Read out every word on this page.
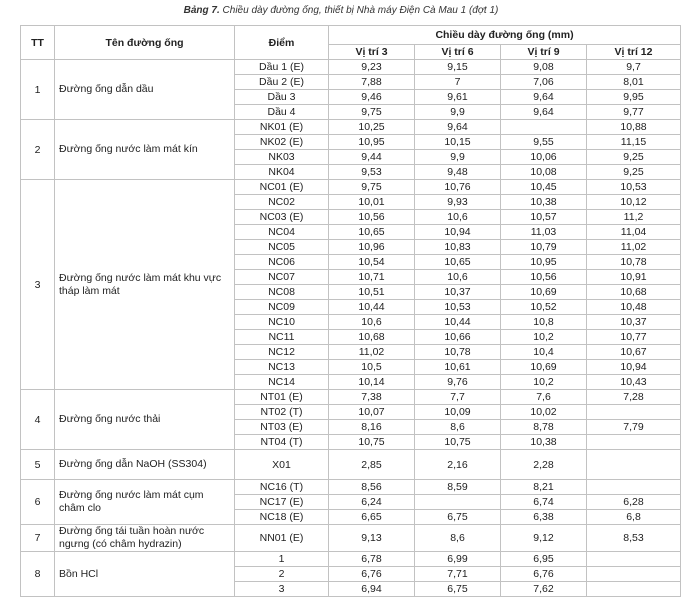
Bảng 7. Chiều dày đường ống, thiết bị Nhà máy Điện Cà Mau 1 (đợt 1)
TT	Tên đường ống	Điểm	Chiều dày đường ống (mm)			
			Vị trí 3	Vị trí 6	Vị trí 9	Vị trí 12
1	Đường ống dẫn dầu	Dầu 1 (E)	9,23	9,15	9,08	9,7
		Dầu 2 (E)	7,88	7	7,06	8,01
		Dầu 3	9,46	9,61	9,64	9,95
		Dầu 4	9,75	9,9	9,64	9,77
2	Đường ống nước làm mát kín	NK01 (E)	10,25	9,64		10,88
		NK02 (E)	10,95	10,15	9,55	11,15
		NK03	9,44	9,9	10,06	9,25
		NK04	9,53	9,48	10,08	9,25
3	Đường ống nước làm mát khu vực tháp làm mát	NC01 (E)	9,75	10,76	10,45	10,53
		NC02	10,01	9,93	10,38	10,12
		NC03 (E)	10,56	10,6	10,57	11,2
		NC04	10,65	10,94	11,03	11,04
		NC05	10,96	10,83	10,79	11,02
		NC06	10,54	10,65	10,95	10,78
		NC07	10,71	10,6	10,56	10,91
		NC08	10,51	10,37	10,69	10,68
		NC09	10,44	10,53	10,52	10,48
		NC10	10,6	10,44	10,8	10,37
		NC11	10,68	10,66	10,2	10,77
		NC12	11,02	10,78	10,4	10,67
		NC13	10,5	10,61	10,69	10,94
		NC14	10,14	9,76	10,2	10,43
4	Đường ống nước thải	NT01 (E)	7,38	7,7	7,6	7,28
		NT02 (T)	10,07	10,09	10,02	
		NT03 (E)	8,16	8,6	8,78	7,79
		NT04 (T)	10,75	10,75	10,38	
5	Đường ống dẫn NaOH (SS304)	X01	2,85	2,16	2,28	
6	Đường ống nước làm mát cụm châm clo	NC16 (T)	8,56	8,59	8,21	
		NC17 (E)	6,24		6,74	6,28
		NC18 (E)	6,65	6,75	6,38	6,8
7	Đường ống tái tuần hoàn nước ngưng (có châm hydrazin)	NN01 (E)	9,13	8,6	9,12	8,53
8	Bồn HCl	1	6,78	6,99	6,95	
		2	6,76	7,71	6,76	
		3	6,94	6,75	7,62	
